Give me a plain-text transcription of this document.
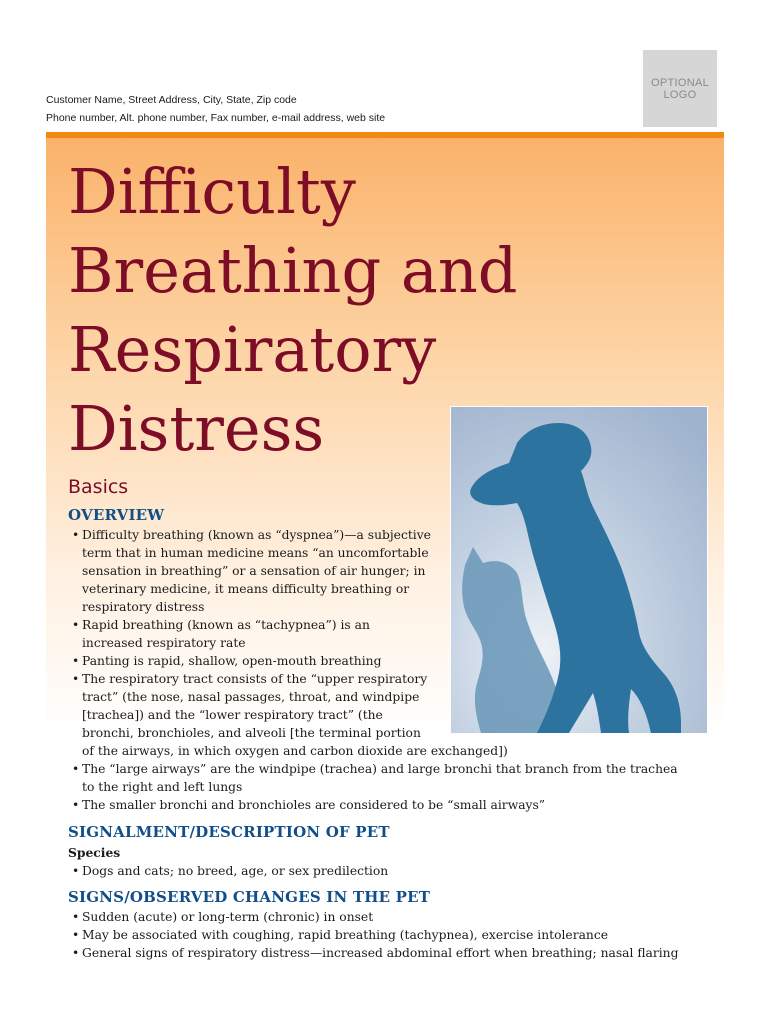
Customer Name, Street Address, City, State, Zip code
Phone number, Alt. phone number, Fax number, e-mail address, web site
OPTIONAL
LOGO
Difficulty
Breathing and
Respiratory
Distress
Basics
OVERVIEW
• Difficulty breathing (known as “dyspnea”)—a subjective
term that in human medicine means “an uncomfortable
sensation in breathing” or a sensation of air hunger; in
veterinary medicine, it means difficulty breathing or
respiratory distress
• Rapid breathing (known as “tachypnea”) is an
increased respiratory rate
• Panting is rapid, shallow, open-mouth breathing
• The respiratory tract consists of the “upper respiratory
tract” (the nose, nasal passages, throat, and windpipe
[trachea]) and the “lower respiratory tract” (the
bronchi, bronchioles, and alveoli [the terminal portion
of the airways, in which oxygen and carbon dioxide are exchanged])
• The “large airways” are the windpipe (trachea) and large bronchi that branch from the trachea
to the right and left lungs
• The smaller bronchi and bronchioles are considered to be “small airways”
SIGNALMENT/DESCRIPTION OF PET
Species
• Dogs and cats; no breed, age, or sex predilection
SIGNS/OBSERVED CHANGES IN THE PET
• Sudden (acute) or long-term (chronic) in onset
• May be associated with coughing, rapid breathing (tachypnea), exercise intolerance
• General signs of respiratory distress—increased abdominal effort when breathing; nasal flaring
